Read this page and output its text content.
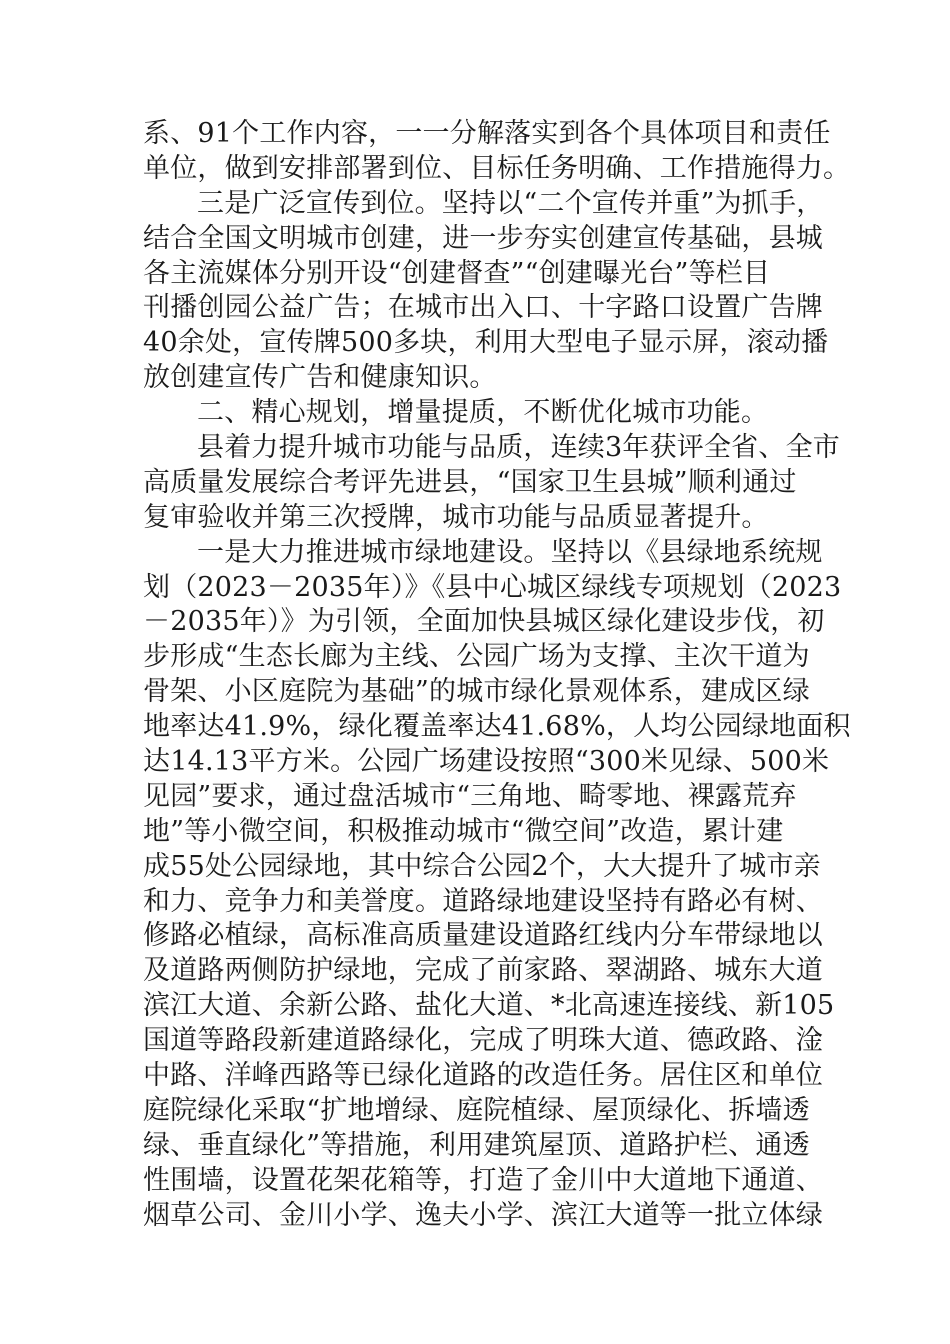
系、91个工作内容，一一分解落实到各个具体项目和责任
单位，做到安排部署到位、目标任务明确、工作措施得力。
三是广泛宣传到位。坚持以“二个宣传并重”为抓手，
结合全国文明城市创建，进一步夯实创建宣传基础，县城
各主流媒体分别开设“创建督查”“创建曝光台”等栏目
刊播创园公益广告；在城市出入口、十字路口设置广告牌
40余处，宣传牌500多块，利用大型电子显示屏，滚动播
放创建宣传广告和健康知识。
二、精心规划，增量提质，不断优化城市功能。
县着力提升城市功能与品质，连续3年获评全省、全市
高质量发展综合考评先进县，“国家卫生县城”顺利通过
复审验收并第三次授牌，城市功能与品质显著提升。
一是大力推进城市绿地建设。坚持以《县绿地系统规
划（2023－2035年）》《县中心城区绿线专项规划（2023
－2035年）》为引领，全面加快县城区绿化建设步伐，初
步形成“生态长廊为主线、公园广场为支撑、主次干道为
骨架、小区庭院为基础”的城市绿化景观体系，建成区绿
地率达41.9%，绿化覆盖率达41.68%，人均公园绿地面积
达14.13平方米。公园广场建设按照“300米见绿、500米
见园”要求，通过盘活城市“三角地、畸零地、裸露荒弃
地”等小微空间，积极推动城市“微空间”改造，累计建
成55处公园绿地，其中综合公园2个，大大提升了城市亲
和力、竞争力和美誉度。道路绿地建设坚持有路必有树、
修路必植绿，高标准高质量建设道路红线内分车带绿地以
及道路两侧防护绿地，完成了前家路、翠湖路、城东大道
滨江大道、余新公路、盐化大道、*北高速连接线、新105
国道等路段新建道路绿化，完成了明珠大道、德政路、淦
中路、洋峰西路等已绿化道路的改造任务。居住区和单位
庭院绿化采取“扩地增绿、庭院植绿、屋顶绿化、拆墙透
绿、垂直绿化”等措施，利用建筑屋顶、道路护栏、通透
性围墙，设置花架花箱等，打造了金川中大道地下通道、
烟草公司、金川小学、逸夫小学、滨江大道等一批立体绿
